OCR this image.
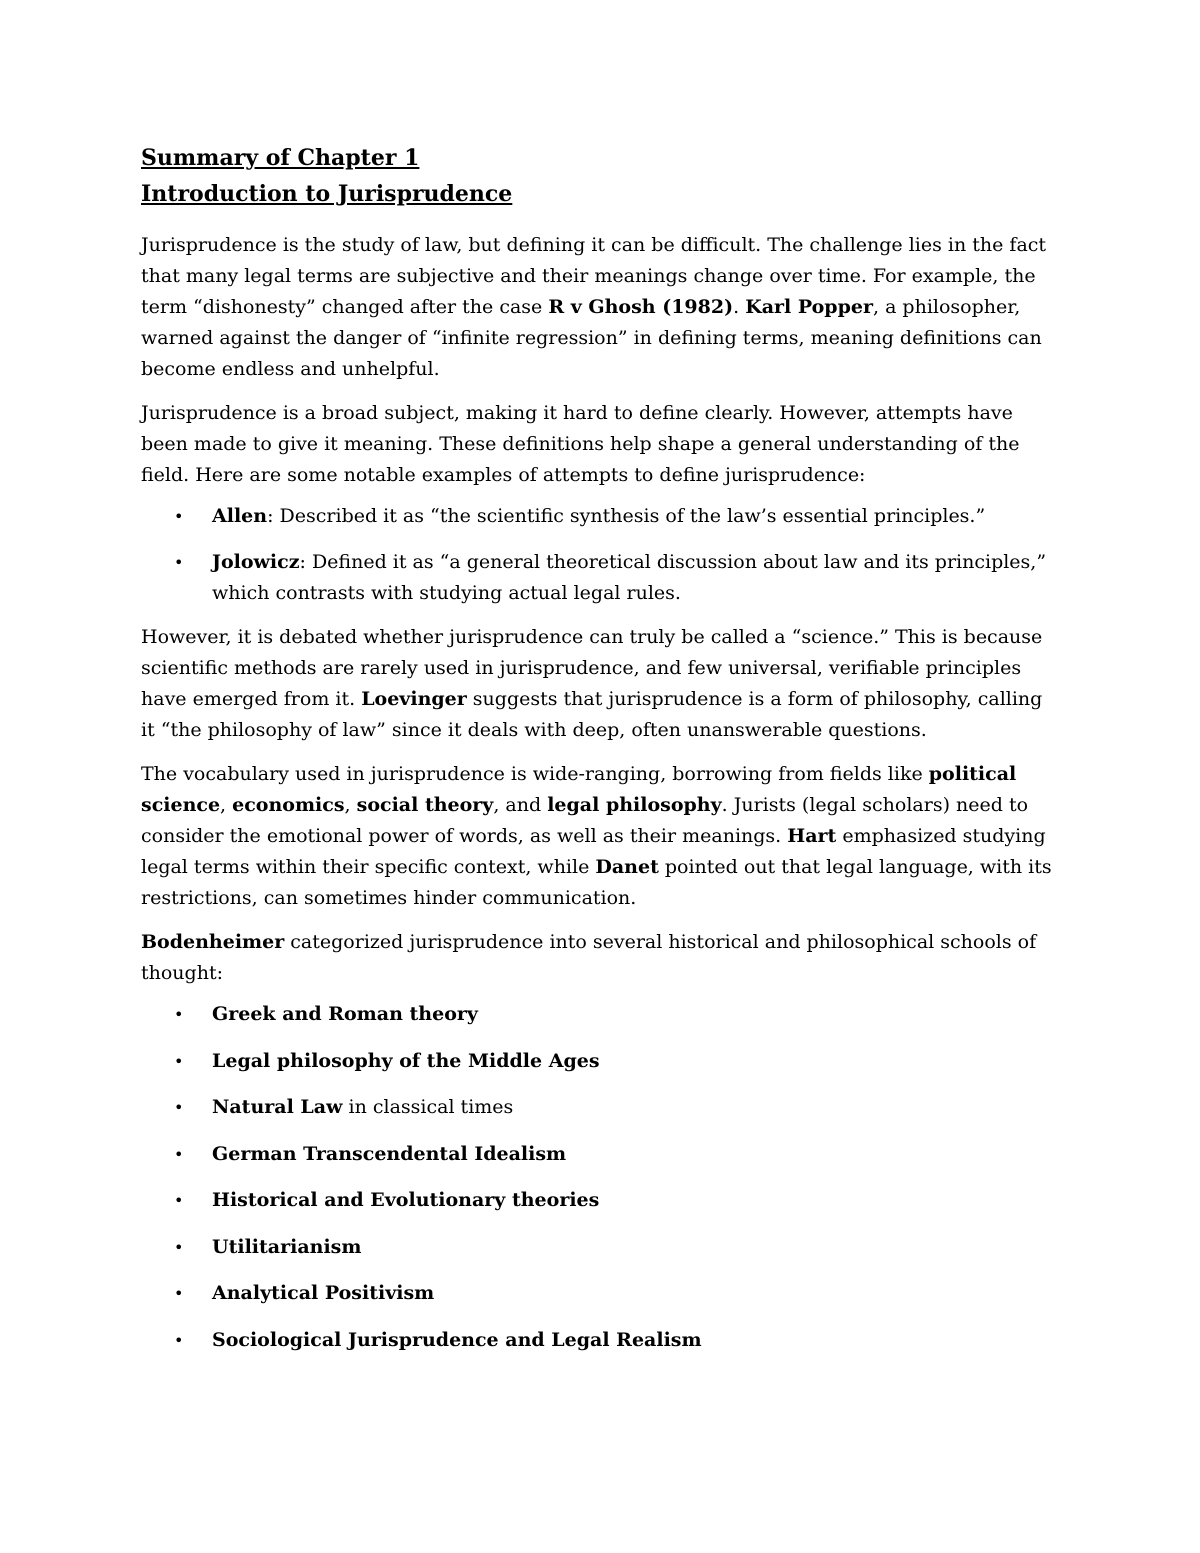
Summary of Chapter 1
Introduction to Jurisprudence

Jurisprudence is the study of law, but defining it can be difficult. The challenge lies in the fact that many legal terms are subjective and their meanings change over time. For example, the term “dishonesty” changed after the case R v Ghosh (1982). Karl Popper, a philosopher, warned against the danger of “infinite regression” in defining terms, meaning definitions can become endless and unhelpful.

Jurisprudence is a broad subject, making it hard to define clearly. However, attempts have been made to give it meaning. These definitions help shape a general understanding of the field. Here are some notable examples of attempts to define jurisprudence:

• Allen: Described it as “the scientific synthesis of the law’s essential principles.”
• Jolowicz: Defined it as “a general theoretical discussion about law and its principles,” which contrasts with studying actual legal rules.

However, it is debated whether jurisprudence can truly be called a “science.” This is because scientific methods are rarely used in jurisprudence, and few universal, verifiable principles have emerged from it. Loevinger suggests that jurisprudence is a form of philosophy, calling it “the philosophy of law” since it deals with deep, often unanswerable questions.

The vocabulary used in jurisprudence is wide-ranging, borrowing from fields like political science, economics, social theory, and legal philosophy. Jurists (legal scholars) need to consider the emotional power of words, as well as their meanings. Hart emphasized studying legal terms within their specific context, while Danet pointed out that legal language, with its restrictions, can sometimes hinder communication.

Bodenheimer categorized jurisprudence into several historical and philosophical schools of thought:

• Greek and Roman theory
• Legal philosophy of the Middle Ages
• Natural Law in classical times
• German Transcendental Idealism
• Historical and Evolutionary theories
• Utilitarianism
• Analytical Positivism
• Sociological Jurisprudence and Legal Realism
